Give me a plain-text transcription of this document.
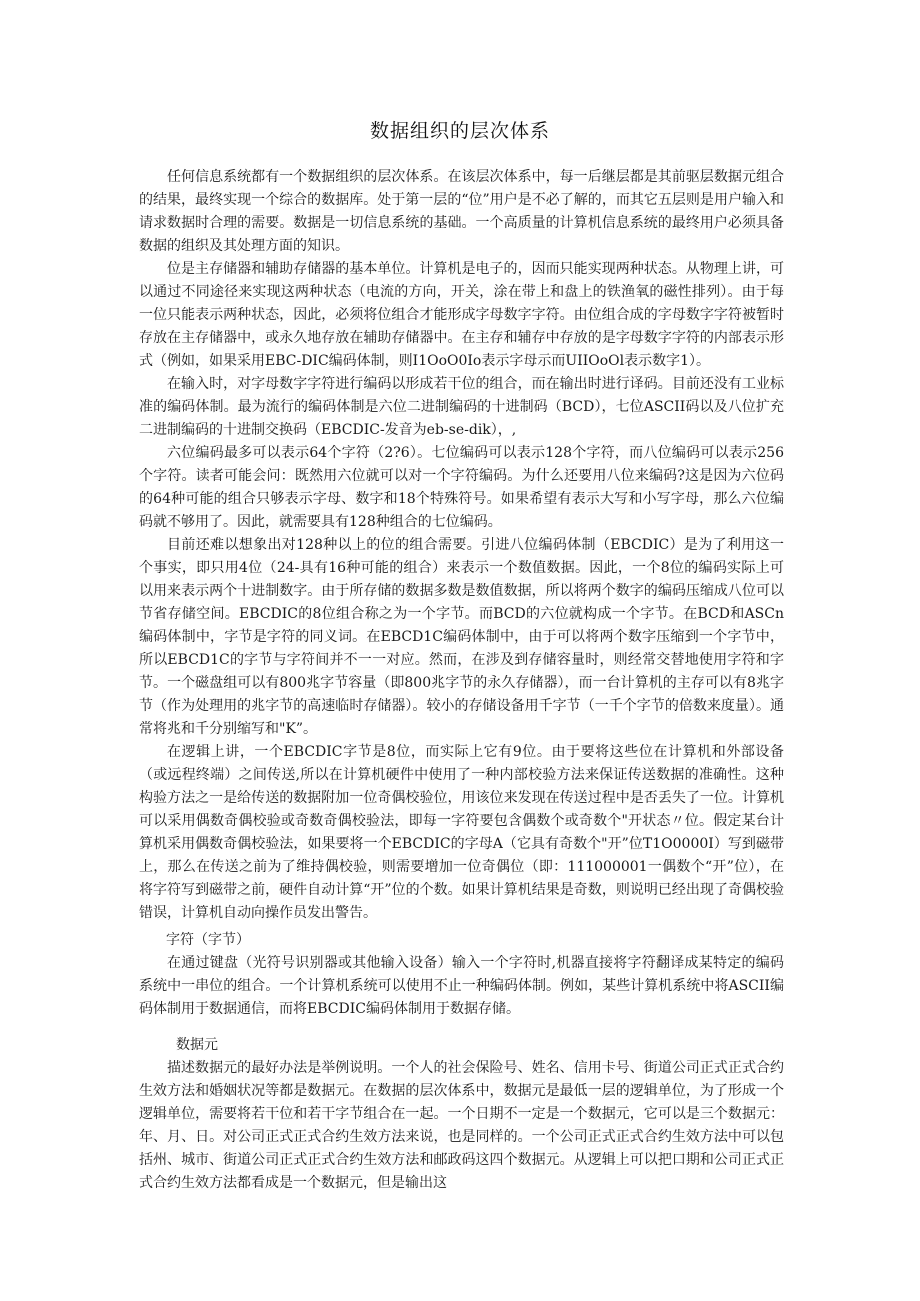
数据组织的层次体系

任何信息系统都有一个数据组织的层次体系。在该层次体系中，每一后继层都是其前驱层数据元组合的结果，最终实现一个综合的数据库。处于第一层的“位”用户是不必了解的，而其它五层则是用户输入和请求数据时合理的需要。数据是一切信息系统的基础。一个高质量的计算机信息系统的最终用户必须具备数据的组织及其处理方面的知识。

位是主存储器和辅助存储器的基本单位。计算机是电子的，因而只能实现两种状态。从物理上讲，可以通过不同途径来实现这两种状态（电流的方向，开关，涂在带上和盘上的铁渔氧的磁性排列）。由于每一位只能表示两种状态，因此，必须将位组合才能形成字母数字字符。由位组合成的字母数字字符被暂时存放在主存储器中，或永久地存放在辅助存储器中。在主存和辅存中存放的是字母数字字符的内部表示形式（例如，如果采用EBC-DIC编码体制，则I1OoO0Io表示字母示而UIIOoOl表示数字1）。

在输入时，对字母数字字符进行编码以形成若干位的组合，而在输出时进行译码。目前还没有工业标准的编码体制。最为流行的编码体制是六位二进制编码的十进制码（BCD），七位ASCII码以及八位扩充二进制编码的十进制交换码（EBCDIC-发音为eb-se-dik），,

六位编码最多可以表示64个字符（2?6）。七位编码可以表示128个字符，而八位编码可以表示256个字符。读者可能会问：既然用六位就可以对一个字符编码。为什么还要用八位来编码?这是因为六位码的64种可能的组合只够表示字母、数字和18个特殊符号。如果希望有表示大写和小写字母，那么六位编码就不够用了。因此，就需要具有128种组合的七位编码。

目前还难以想象出对128种以上的位的组合需要。引进八位编码体制（EBCDIC）是为了利用这一个事实，即只用4位（24-具有16种可能的组合）来表示一个数值数据。因此，一个8位的编码实际上可以用来表示两个十进制数字。由于所存储的数据多数是数值数据，所以将两个数字的编码压缩成八位可以节省存储空间。EBCDIC的8位组合称之为一个字节。而BCD的六位就构成一个字节。在BCD和ASCn编码体制中，字节是字符的同义词。在EBCD1C编码体制中，由于可以将两个数字压缩到一个字节中，所以EBCD1C的字节与字符间并不一一对应。然而，在涉及到存储容量时，则经常交替地使用字符和字节。一个磁盘组可以有800兆字节容量（即800兆字节的永久存储器），而一台计算机的主存可以有8兆字节（作为处理用的兆字节的高速临时存储器）。较小的存储设备用千字节（一千个字节的倍数来度量）。通常将兆和千分别缩写和"K”。

在逻辑上讲，一个EBCDIC字节是8位，而实际上它有9位。由于要将这些位在计算机和外部设备（或远程终端）之间传送,所以在计算机硬件中使用了一种内部校验方法来保证传送数据的准确性。这种构验方法之一是给传送的数据附加一位奇偶校验位，用该位来发现在传送过程中是否丢失了一位。计算机可以采用偶数奇偶校验或奇数奇偶校验法，即每一字符要包含偶数个或奇数个"开状态〃位。假定某台计算机采用偶数奇偶校验法，如果要将一个EBCDIC的字母A（它具有奇数个"开”位T1O0000I）写到磁带上，那么在传送之前为了维持偶校验，则需要增加一位奇偶位（即：111000001一偶数个“开”位），在将字符写到磁带之前，硬件自动计算“开”位的个数。如果计算机结果是奇数，则说明已经出现了奇偶校验错误，计算机自动向操作员发出警告。

字符（字节）

在通过键盘（光符号识别器或其他输入设备）输入一个字符时,机器直接将字符翻译成某特定的编码系统中一串位的组合。一个计算机系统可以使用不止一种编码体制。例如，某些计算机系统中将ASCII编码体制用于数据通信，而将EBCDIC编码体制用于数据存储。

数据元

描述数据元的最好办法是举例说明。一个人的社会保险号、姓名、信用卡号、街道公司正式正式合约生效方法和婚姻状况等都是数据元。在数据的层次体系中，数据元是最低一层的逻辑单位，为了形成一个逻辑单位，需要将若干位和若干字节组合在一起。一个日期不一定是一个数据元，它可以是三个数据元：年、月、日。对公司正式正式合约生效方法来说，也是同样的。一个公司正式正式合约生效方法中可以包括州、城市、街道公司正式正式合约生效方法和邮政码这四个数据元。从逻辑上可以把口期和公司正式正式合约生效方法都看成是一个数据元，但是输出这
